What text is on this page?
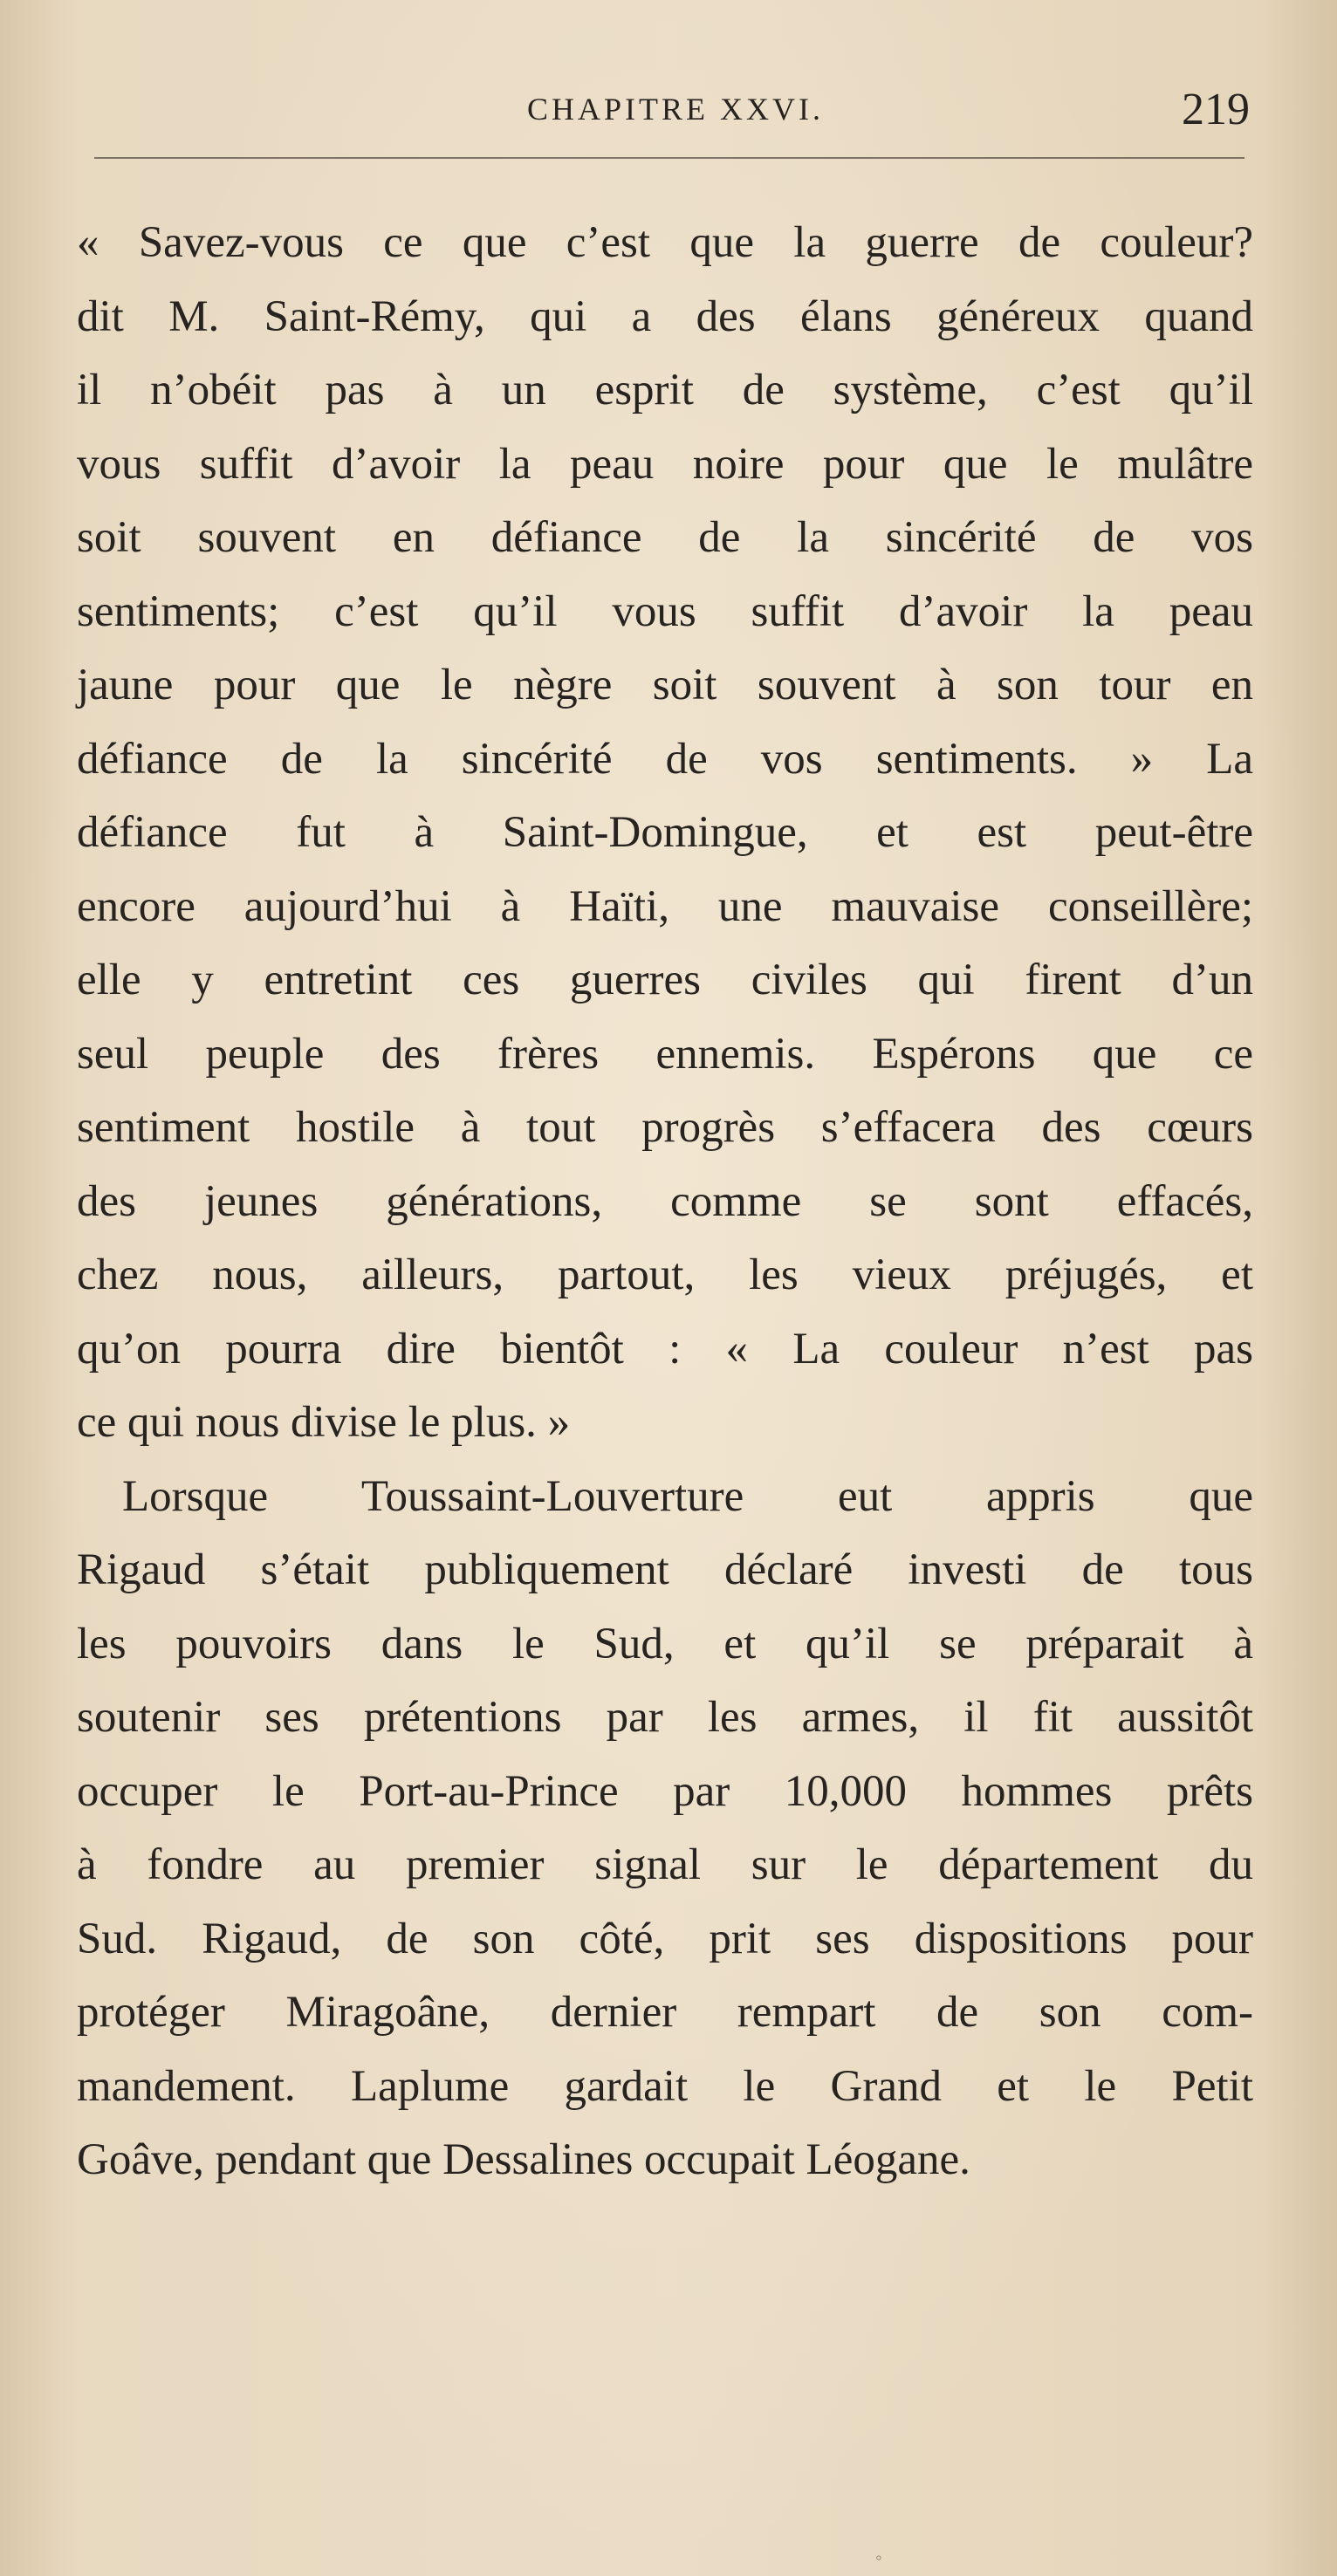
CHAPITRE XXVI.	219
« Savez-vous ce que c’est que la guerre de couleur?
dit M. Saint-Rémy, qui a des élans généreux quand
il n’obéit pas à un esprit de système, c’est qu’il
vous suffit d’avoir la peau noire pour que le mulâtre
soit souvent en défiance de la sincérité de vos
sentiments; c’est qu’il vous suffit d’avoir la peau
jaune pour que le nègre soit souvent à son tour en
défiance de la sincérité de vos sentiments. » La
défiance fut à Saint-Domingue, et est peut-être
encore aujourd’hui à Haïti, une mauvaise conseillère;
elle y entretint ces guerres civiles qui firent d’un
seul peuple des frères ennemis. Espérons que ce
sentiment hostile à tout progrès s’effacera des cœurs
des jeunes générations, comme se sont effacés,
chez nous, ailleurs, partout, les vieux préjugés, et
qu’on pourra dire bientôt : « La couleur n’est pas
ce qui nous divise le plus. »
Lorsque Toussaint-Louverture eut appris que
Rigaud s’était publiquement déclaré investi de tous
les pouvoirs dans le Sud, et qu’il se préparait à
soutenir ses prétentions par les armes, il fit aussitôt
occuper le Port-au-Prince par 10,000 hommes prêts
à fondre au premier signal sur le département du
Sud. Rigaud, de son côté, prit ses dispositions pour
protéger Miragoâne, dernier rempart de son com-
mandement. Laplume gardait le Grand et le Petit
Goâve, pendant que Dessalines occupait Léogane.
◦
